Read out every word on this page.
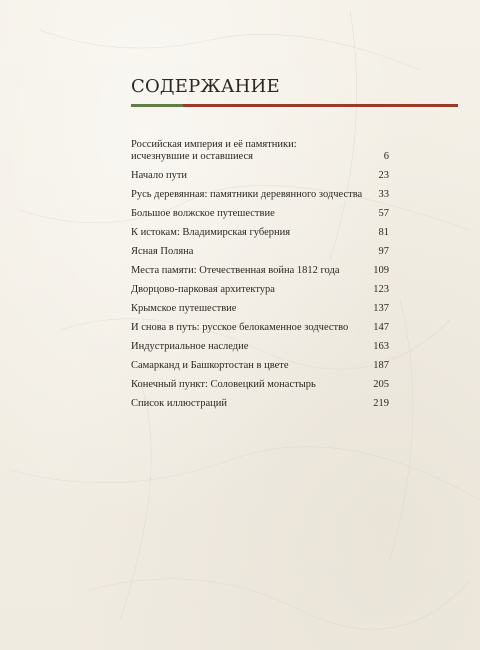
СОДЕРЖАНИЕ
Российская империя и её памятники:
исчезнувшие и оставшиеся	6
Начало пути	23
Русь деревянная: памятники деревянного зодчества 33
Большое волжское путешествие	57
К истокам: Владимирская губерния	81
Ясная Поляна	97
Места памяти: Отечественная война 1812 года	109
Дворцово-парковая архитектура	123
Крымское путешествие	137
И снова в путь: русское белокаменное зодчество	147
Индустриальное наследие	163
Самарканд и Башкортостан в цвете	187
Конечный пункт: Соловецкий монастырь	205
Список иллюстраций	219
